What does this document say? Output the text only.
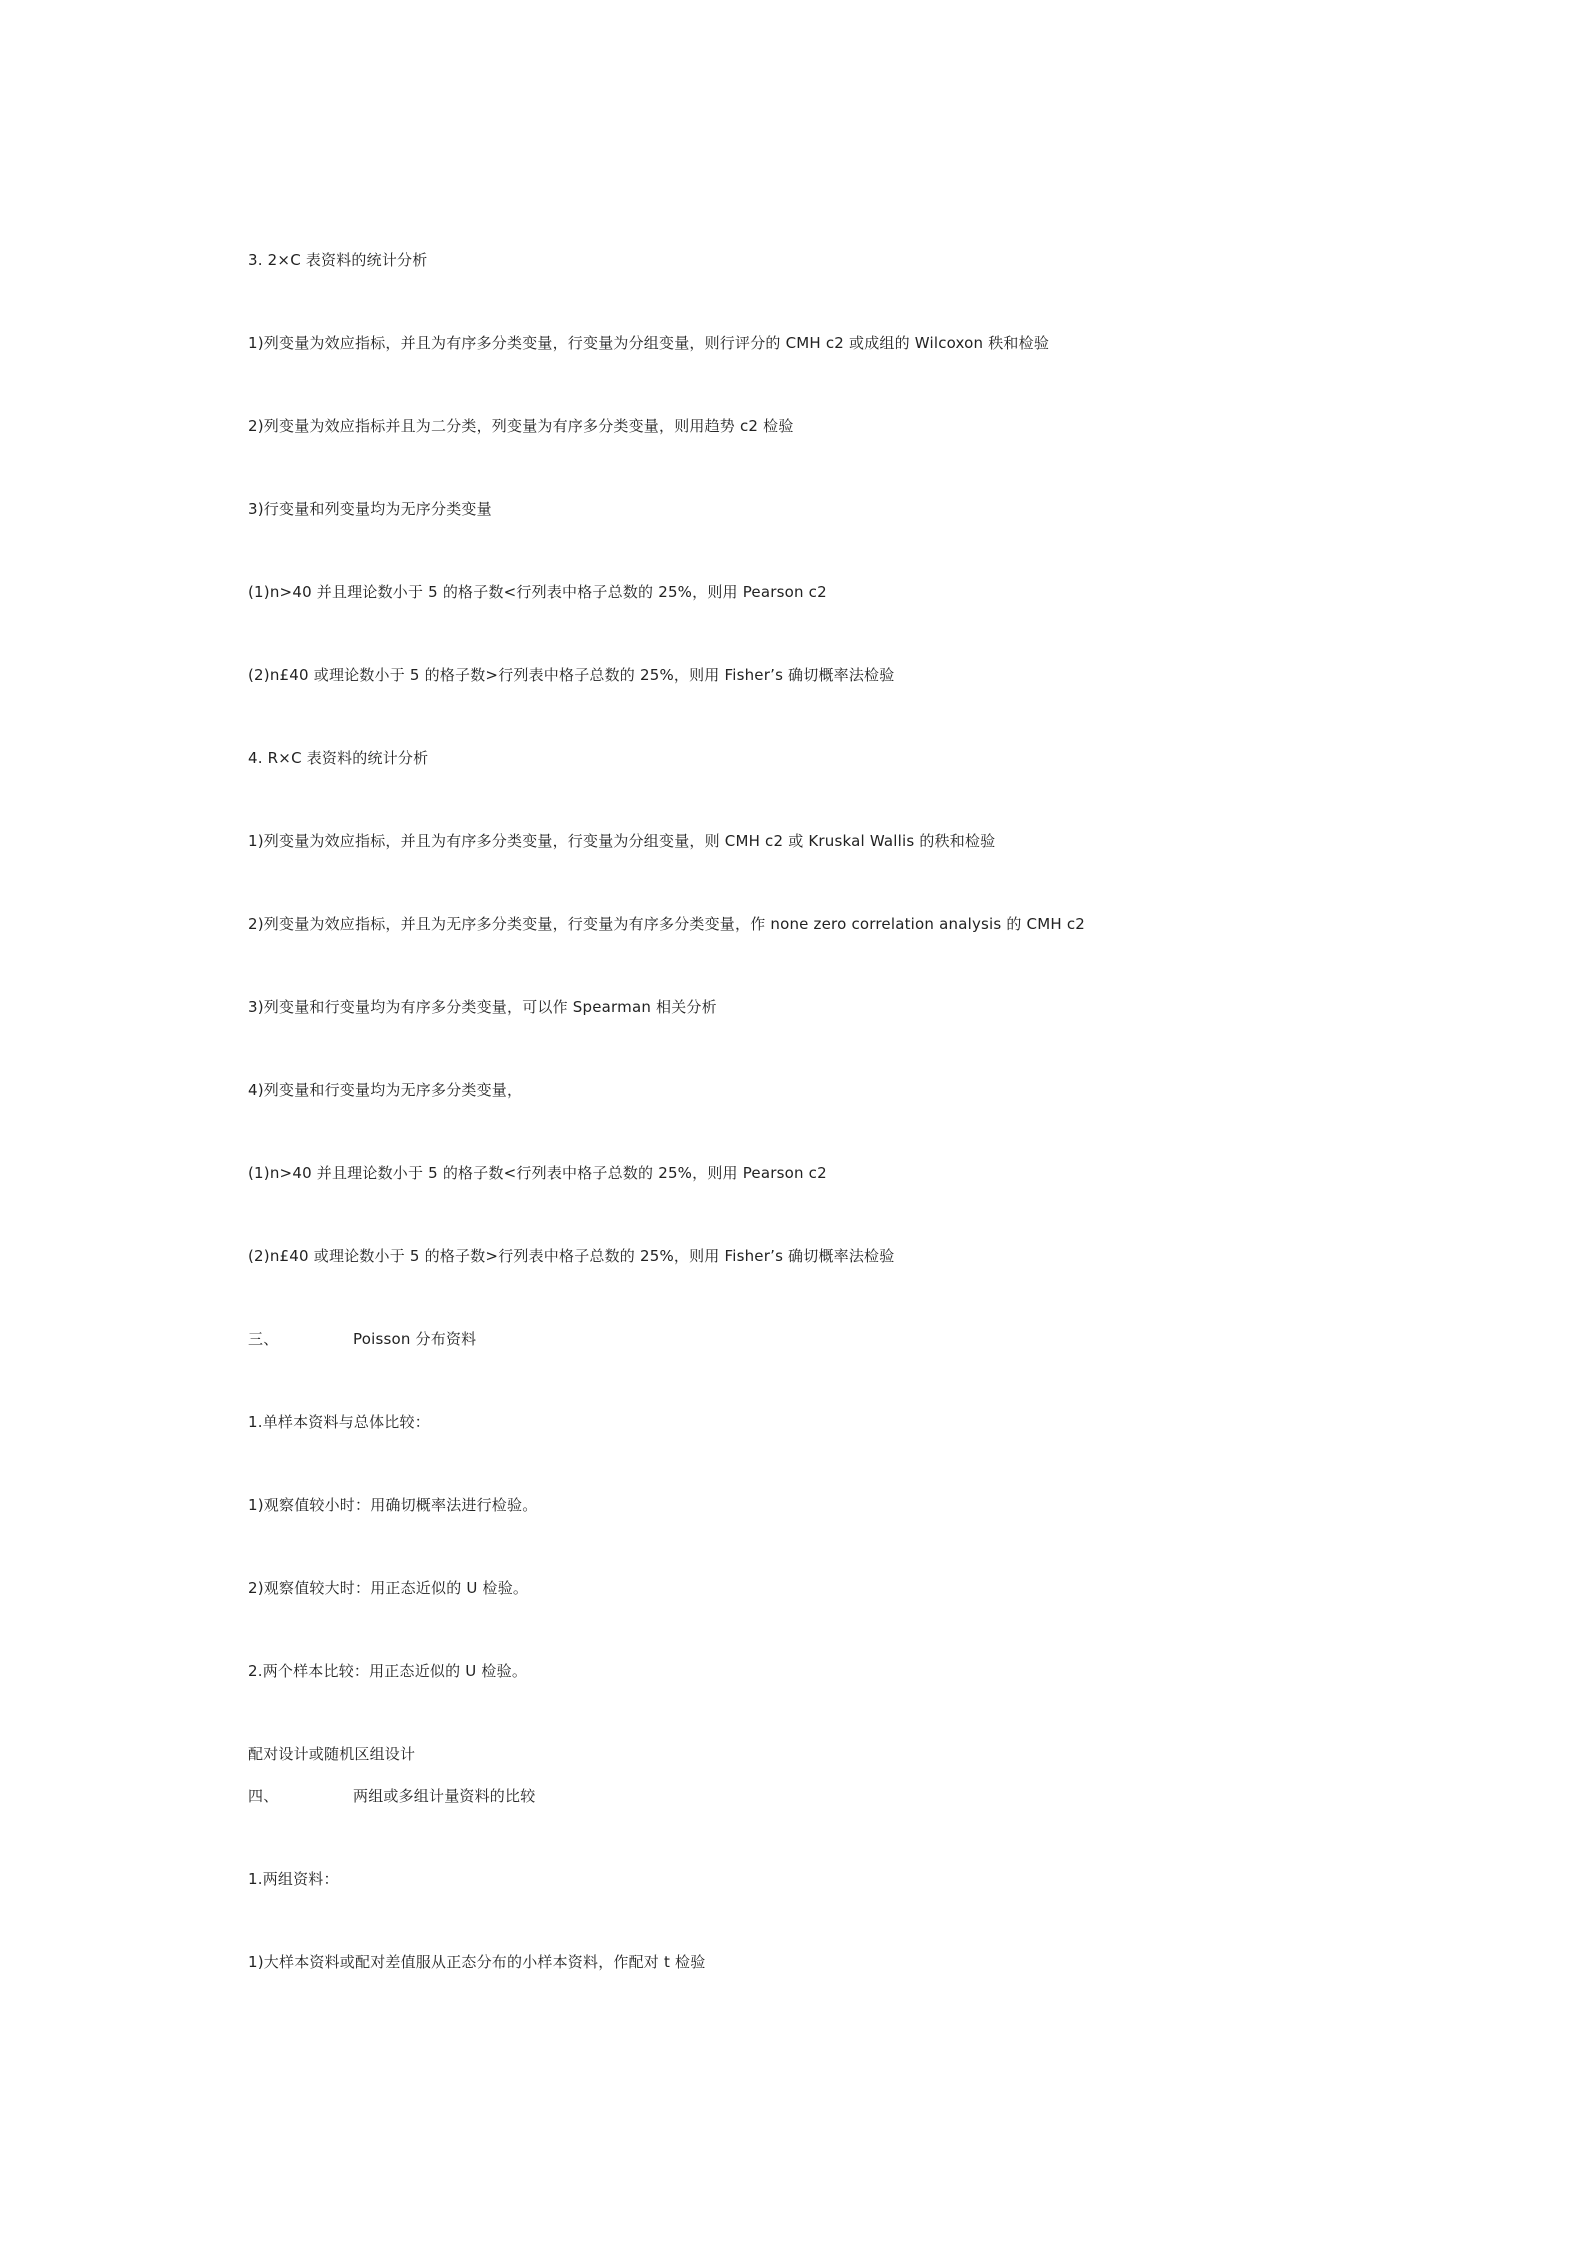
3. 2×C 表资料的统计分析
1)列变量为效应指标，并且为有序多分类变量，行变量为分组变量，则行评分的 CMH c2 或成组的 Wilcoxon 秩和检验
2)列变量为效应指标并且为二分类，列变量为有序多分类变量，则用趋势 c2 检验
3)行变量和列变量均为无序分类变量
(1)n>40 并且理论数小于 5 的格子数<行列表中格子总数的 25%，则用 Pearson c2
(2)n£40 或理论数小于 5 的格子数>行列表中格子总数的 25%，则用 Fisher’s 确切概率法检验
4. R×C 表资料的统计分析
1)列变量为效应指标，并且为有序多分类变量，行变量为分组变量，则 CMH c2 或 Kruskal Wallis 的秩和检验
2)列变量为效应指标，并且为无序多分类变量，行变量为有序多分类变量，作 none zero correlation analysis 的 CMH c2
3)列变量和行变量均为有序多分类变量，可以作 Spearman 相关分析
4)列变量和行变量均为无序多分类变量，
(1)n>40 并且理论数小于 5 的格子数<行列表中格子总数的 25%，则用 Pearson c2
(2)n£40 或理论数小于 5 的格子数>行列表中格子总数的 25%，则用 Fisher’s 确切概率法检验
三、	Poisson 分布资料
1.单样本资料与总体比较：
1)观察值较小时：用确切概率法进行检验。
2)观察值较大时：用正态近似的 U 检验。
2.两个样本比较：用正态近似的 U 检验。
配对设计或随机区组设计
四、	两组或多组计量资料的比较
1.两组资料：
1)大样本资料或配对差值服从正态分布的小样本资料，作配对 t 检验
